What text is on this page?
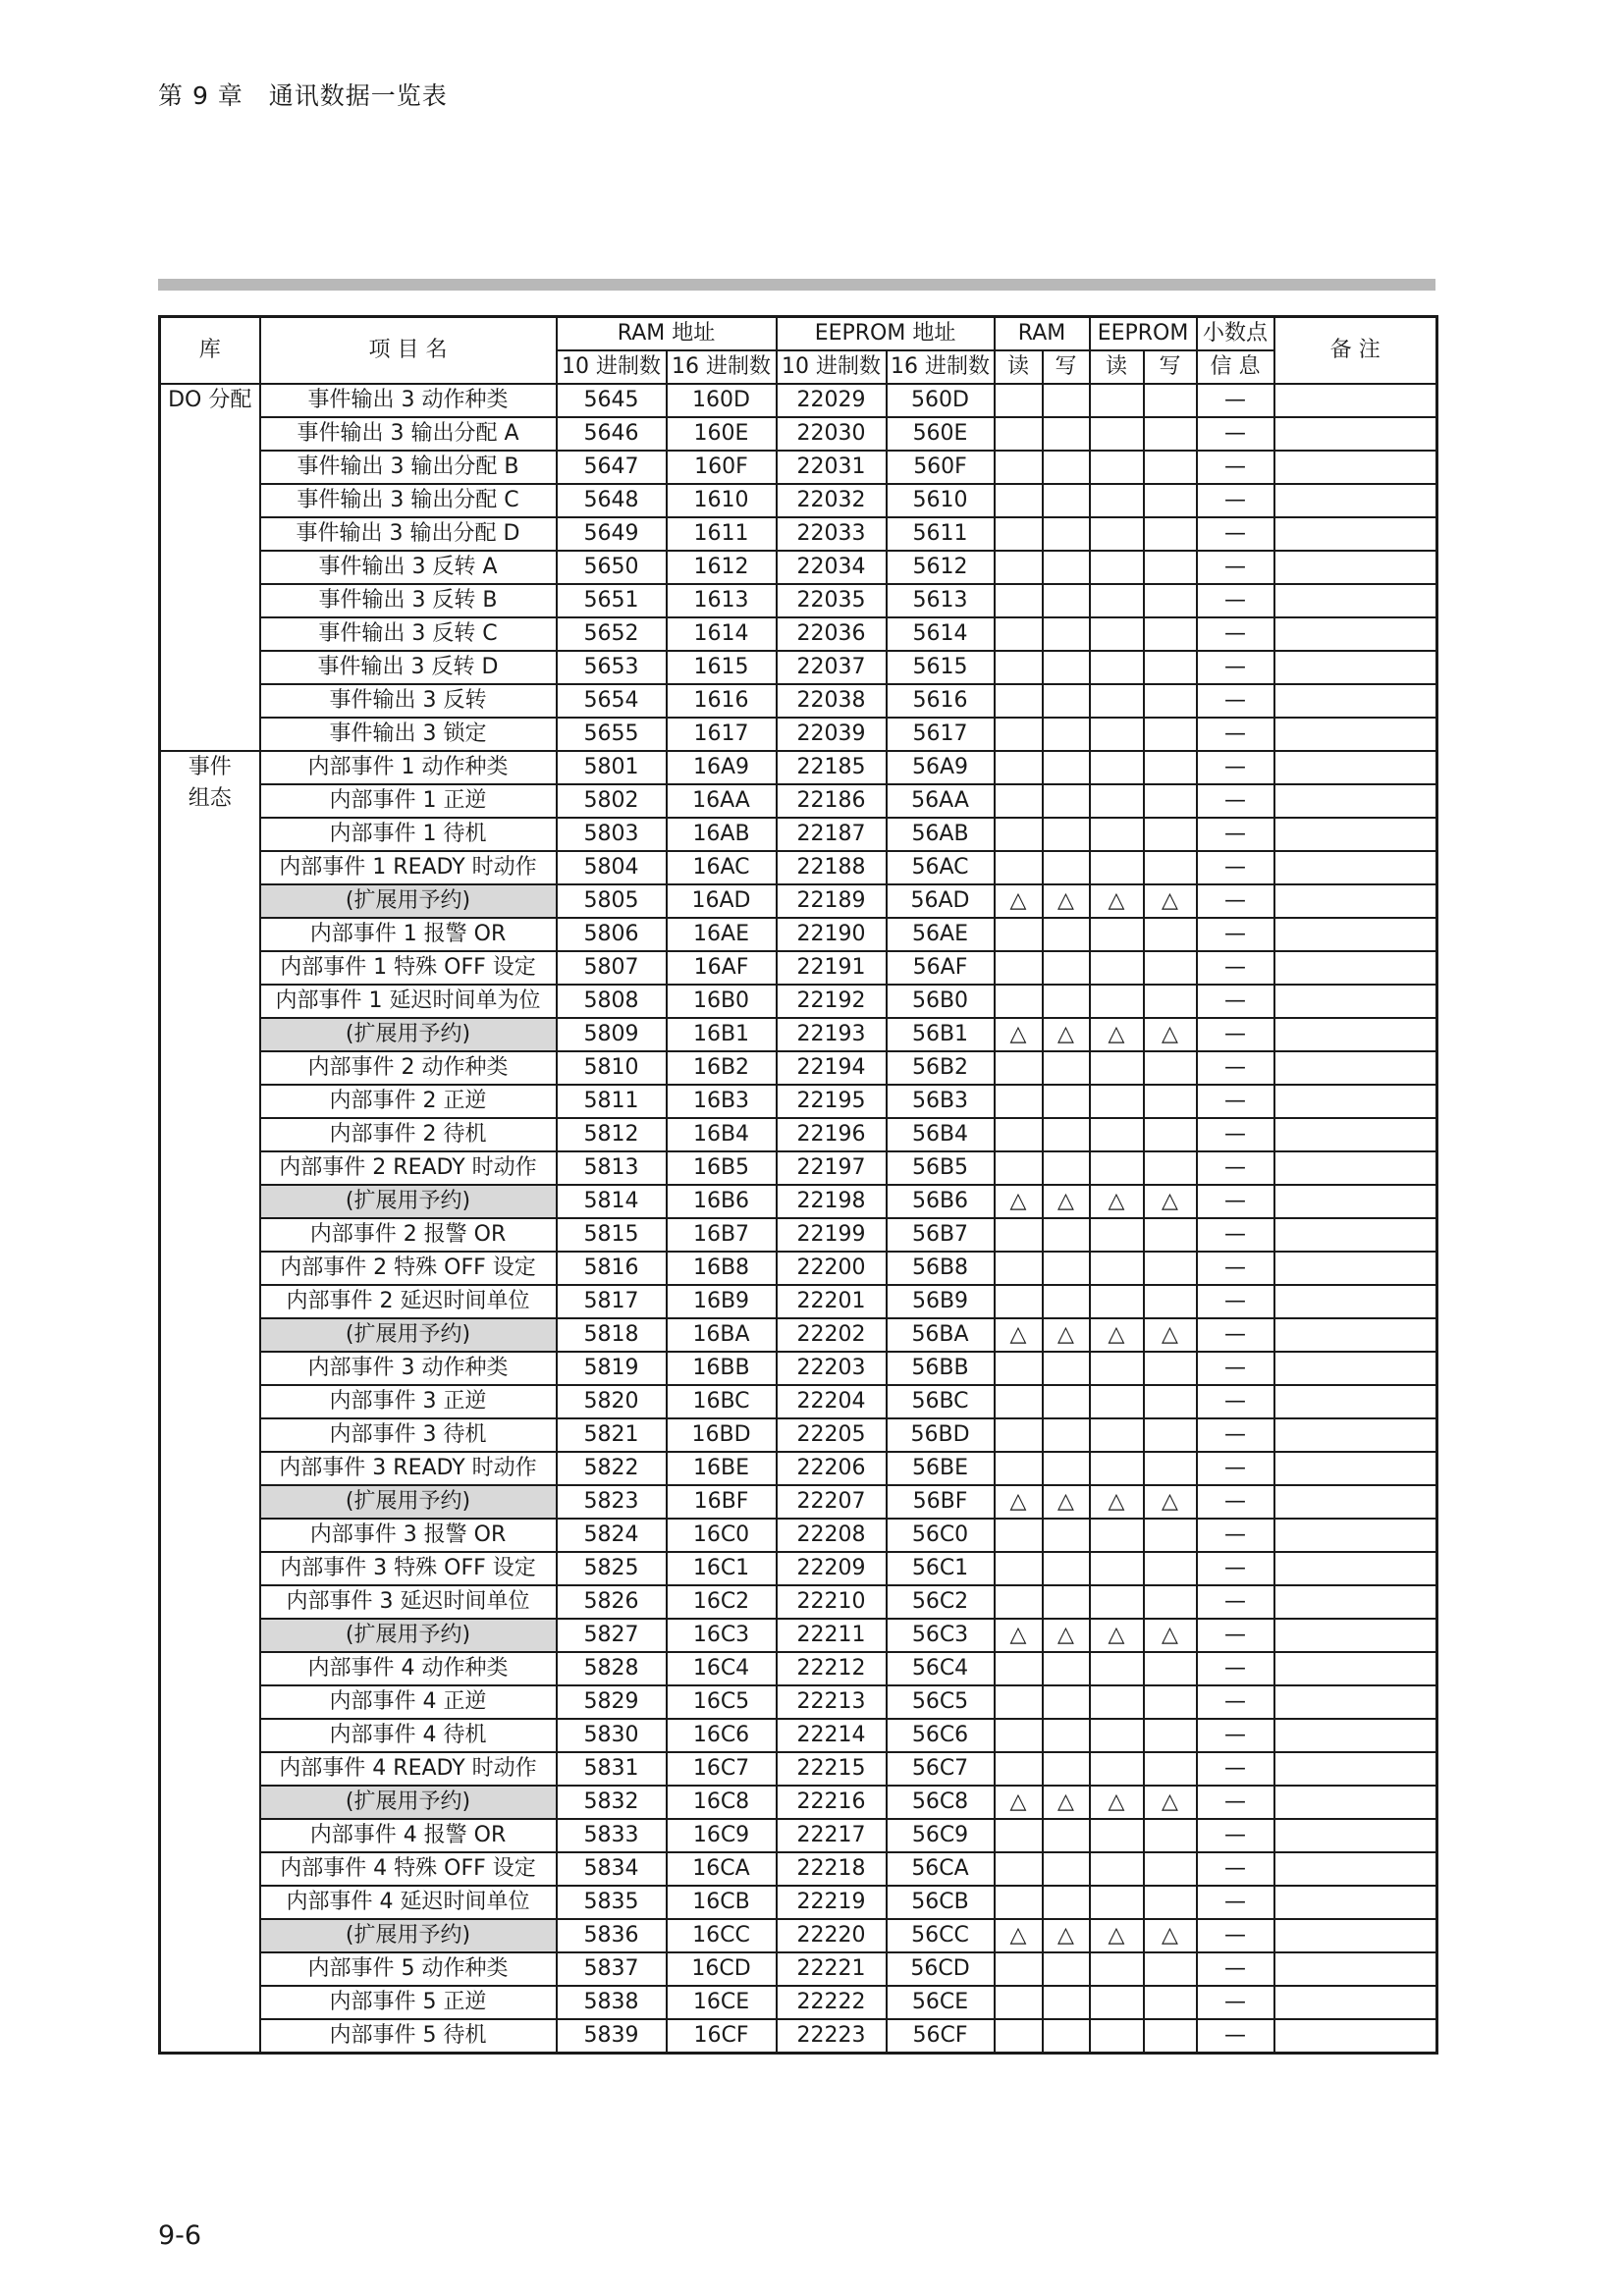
第 9 章　通讯数据一览表
库	项 目 名	RAM 地址		EEPROM 地址		RAM		EEPROM		小数点	备 注
		10 进制数	16 进制数	10 进制数	16 进制数	读	写	读	写	信 息	
DO 分配	事件输出 3 动作种类	5645	160D	22029	560D					—	
	事件输出 3 输出分配 A	5646	160E	22030	560E					—	
	事件输出 3 输出分配 B	5647	160F	22031	560F					—	
	事件输出 3 输出分配 C	5648	1610	22032	5610					—	
	事件输出 3 输出分配 D	5649	1611	22033	5611					—	
	事件输出 3 反转 A	5650	1612	22034	5612					—	
	事件输出 3 反转 B	5651	1613	22035	5613					—	
	事件输出 3 反转 C	5652	1614	22036	5614					—	
	事件输出 3 反转 D	5653	1615	22037	5615					—	
	事件输出 3 反转	5654	1616	22038	5616					—	
	事件输出 3 锁定	5655	1617	22039	5617					—	
事件
组态	内部事件 1 动作种类	5801	16A9	22185	56A9					—	
	内部事件 1 正逆	5802	16AA	22186	56AA					—	
	内部事件 1 待机	5803	16AB	22187	56AB					—	
	内部事件 1 READY 时动作	5804	16AC	22188	56AC					—	
	(扩展用予约)	5805	16AD	22189	56AD	△	△	△	△	—	
	内部事件 1 报警 OR	5806	16AE	22190	56AE					—	
	内部事件 1 特殊 OFF 设定	5807	16AF	22191	56AF					—	
	内部事件 1 延迟时间单为位	5808	16B0	22192	56B0					—	
	(扩展用予约)	5809	16B1	22193	56B1	△	△	△	△	—	
	内部事件 2 动作种类	5810	16B2	22194	56B2					—	
	内部事件 2 正逆	5811	16B3	22195	56B3					—	
	内部事件 2 待机	5812	16B4	22196	56B4					—	
	内部事件 2 READY 时动作	5813	16B5	22197	56B5					—	
	(扩展用予约)	5814	16B6	22198	56B6	△	△	△	△	—	
	内部事件 2 报警 OR	5815	16B7	22199	56B7					—	
	内部事件 2 特殊 OFF 设定	5816	16B8	22200	56B8					—	
	内部事件 2 延迟时间单位	5817	16B9	22201	56B9					—	
	(扩展用予约)	5818	16BA	22202	56BA	△	△	△	△	—	
	内部事件 3 动作种类	5819	16BB	22203	56BB					—	
	内部事件 3 正逆	5820	16BC	22204	56BC					—	
	内部事件 3 待机	5821	16BD	22205	56BD					—	
	内部事件 3 READY 时动作	5822	16BE	22206	56BE					—	
	(扩展用予约)	5823	16BF	22207	56BF	△	△	△	△	—	
	内部事件 3 报警 OR	5824	16C0	22208	56C0					—	
	内部事件 3 特殊 OFF 设定	5825	16C1	22209	56C1					—	
	内部事件 3 延迟时间单位	5826	16C2	22210	56C2					—	
	(扩展用予约)	5827	16C3	22211	56C3	△	△	△	△	—	
	内部事件 4 动作种类	5828	16C4	22212	56C4					—	
	内部事件 4 正逆	5829	16C5	22213	56C5					—	
	内部事件 4 待机	5830	16C6	22214	56C6					—	
	内部事件 4 READY 时动作	5831	16C7	22215	56C7					—	
	(扩展用予约)	5832	16C8	22216	56C8	△	△	△	△	—	
	内部事件 4 报警 OR	5833	16C9	22217	56C9					—	
	内部事件 4 特殊 OFF 设定	5834	16CA	22218	56CA					—	
	内部事件 4 延迟时间单位	5835	16CB	22219	56CB					—	
	(扩展用予约)	5836	16CC	22220	56CC	△	△	△	△	—	
	内部事件 5 动作种类	5837	16CD	22221	56CD					—	
	内部事件 5 正逆	5838	16CE	22222	56CE					—	
	内部事件 5 待机	5839	16CF	22223	56CF					—	
9-6
